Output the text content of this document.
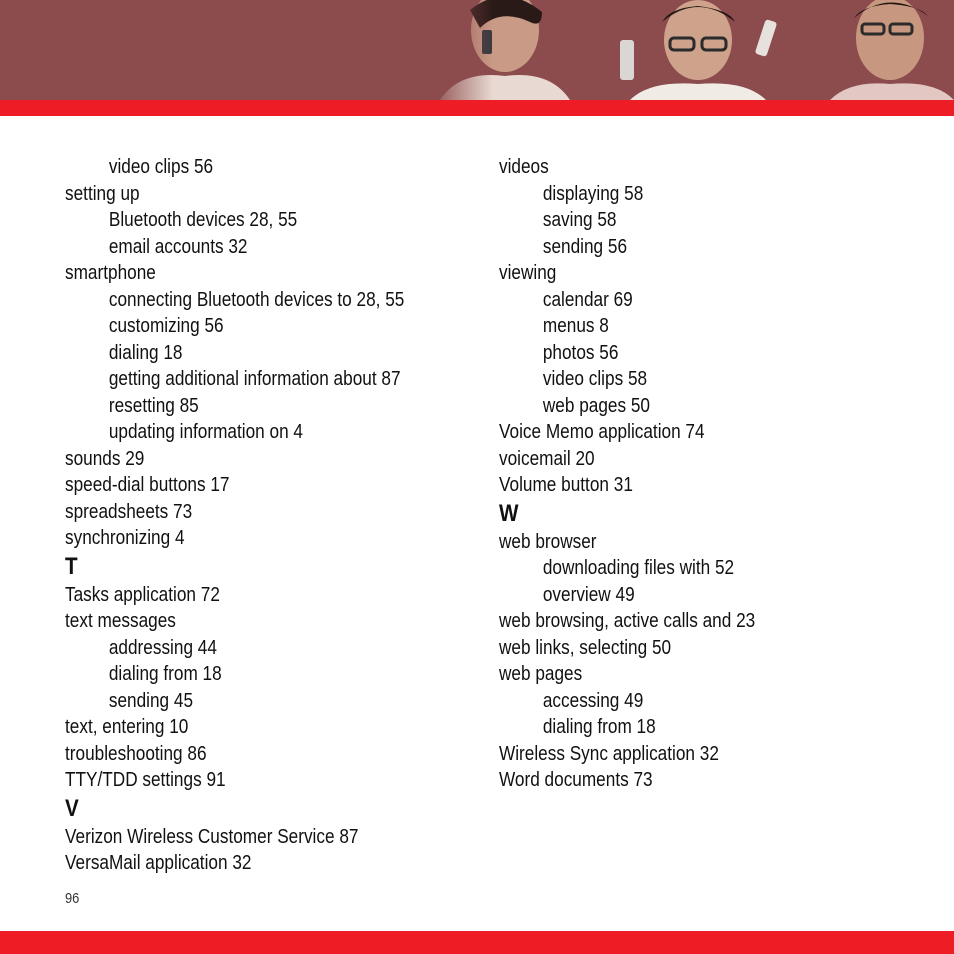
video clips 56
setting up
Bluetooth devices 28, 55
email accounts 32
smartphone
connecting Bluetooth devices to 28, 55
customizing 56
dialing 18
getting additional information about 87
resetting 85
updating information on 4
sounds 29
speed-dial buttons 17
spreadsheets 73
synchronizing 4
T
Tasks application 72
text messages
addressing 44
dialing from 18
sending 45
text, entering 10
troubleshooting 86
TTY/TDD settings 91
V
Verizon Wireless Customer Service 87
VersaMail application 32
videos
displaying 58
saving 58
sending 56
viewing
calendar 69
menus 8
photos 56
video clips 58
web pages 50
Voice Memo application 74
voicemail 20
Volume button 31
W
web browser
downloading files with 52
overview 49
web browsing, active calls and 23
web links, selecting 50
web pages
accessing 49
dialing from 18
Wireless Sync application 32
Word documents 73
96
